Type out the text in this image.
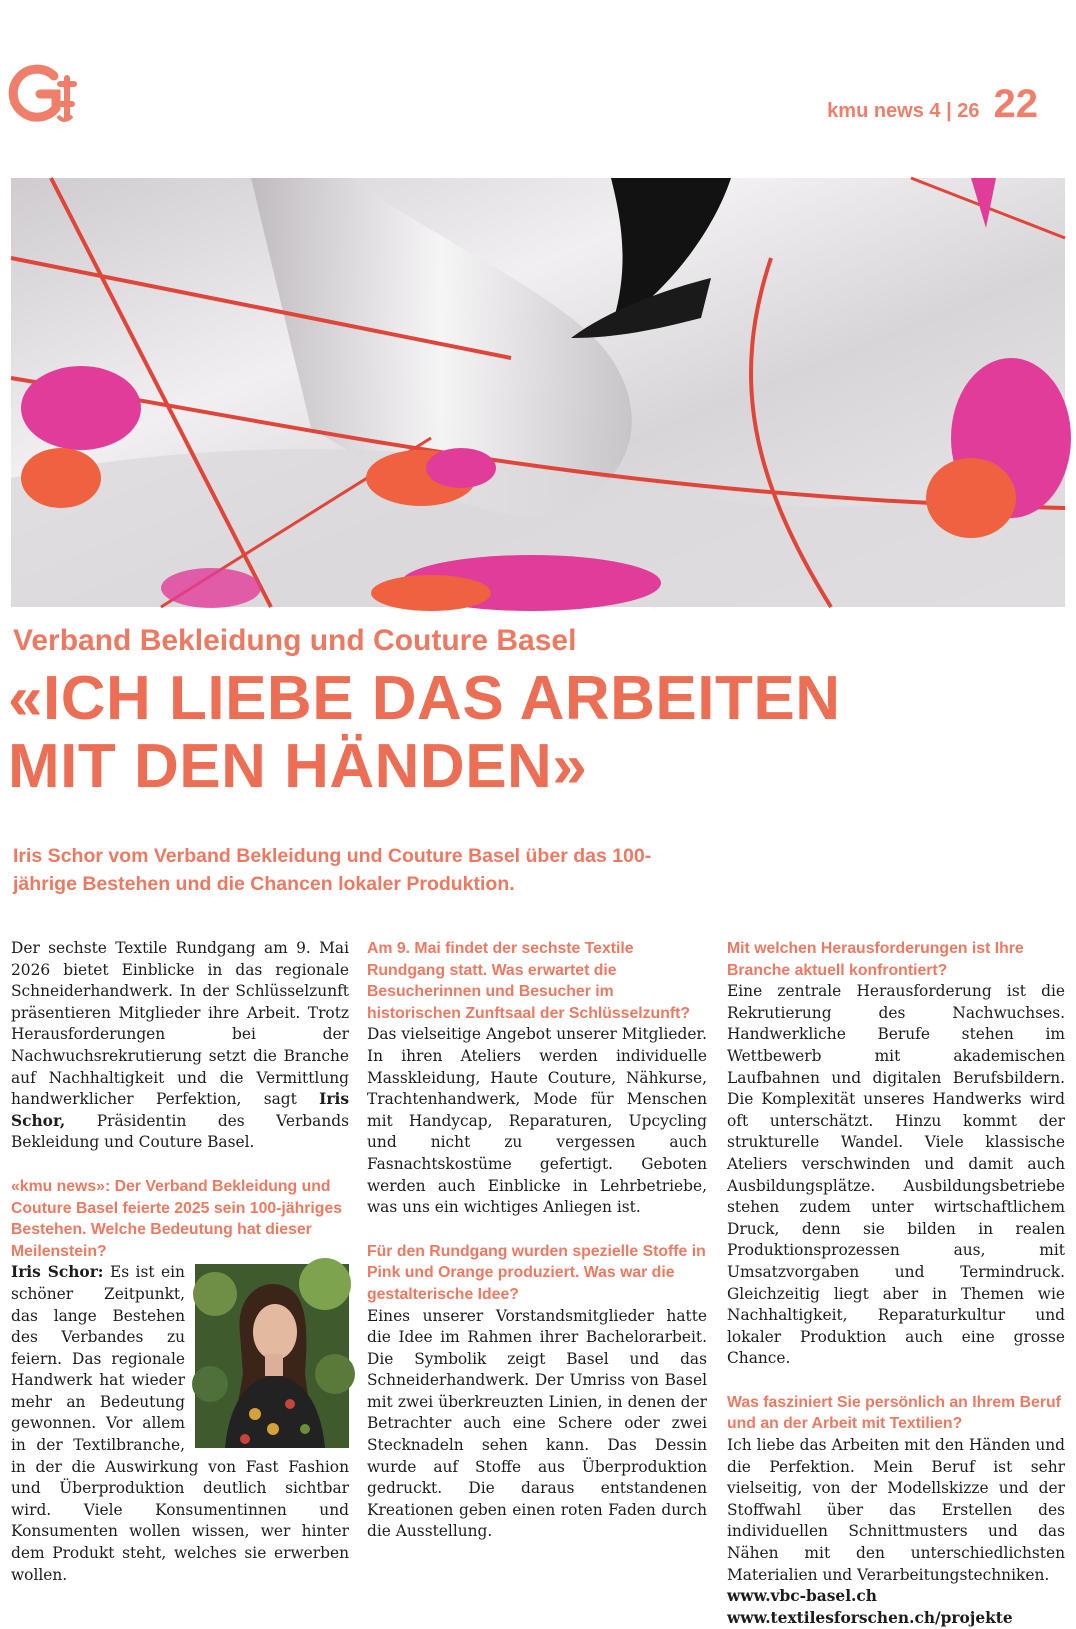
kmu news 4 | 26 22
Verband Bekleidung und Couture Basel
«ICH LIEBE DAS ARBEITEN
MIT DEN HÄNDEN»
Iris Schor vom Verband Bekleidung und Couture Basel über das 100-jährige Bestehen und die Chancen lokaler Produktion.

Der sechste Textile Rundgang am 9. Mai 2026 bietet Einblicke in das regionale Schneiderhandwerk. In der Schlüsselzunft präsentieren Mitglieder ihre Arbeit. Trotz Herausforderungen bei der Nachwuchsrekrutierung setzt die Branche auf Nachhaltigkeit und die Vermittlung handwerklicher Perfektion, sagt Iris Schor, Präsidentin des Verbands Bekleidung und Couture Basel.

«kmu news»: Der Verband Bekleidung und Couture Basel feierte 2025 sein 100-jähriges Bestehen. Welche Bedeutung hat dieser Meilenstein?

Iris Schor: Es ist ein schöner Zeitpunkt, das lange Bestehen des Verbandes zu feiern. Das regionale Handwerk hat wieder mehr an Bedeutung gewonnen. Vor allem in der Textilbranche, in der die Auswirkung von Fast Fashion und Überproduktion deutlich sichtbar wird. Viele Konsumentinnen und Konsumenten wollen wissen, wer hinter dem Produkt steht, welches sie erwerben wollen.

Am 9. Mai findet der sechste Textile Rundgang statt. Was erwartet die Besucherinnen und Besucher im historischen Zunftsaal der Schlüsselzunft?

Das vielseitige Angebot unserer Mitglieder. In ihren Ateliers werden individuelle Masskleidung, Haute Couture, Nähkurse, Trachtenhandwerk, Mode für Menschen mit Handycap, Reparaturen, Upcycling und nicht zu vergessen auch Fasnachtskostüme gefertigt. Geboten werden auch Einblicke in Lehrbetriebe, was uns ein wichtiges Anliegen ist.

Für den Rundgang wurden spezielle Stoffe in Pink und Orange produziert. Was war die gestalterische Idee?

Eines unserer Vorstandsmitglieder hatte die Idee im Rahmen ihrer Bachelorarbeit. Die Symbolik zeigt Basel und das Schneiderhandwerk. Der Umriss von Basel mit zwei überkreuzten Linien, in denen der Betrachter auch eine Schere oder zwei Stecknadeln sehen kann. Das Dessin wurde auf Stoffe aus Überproduktion gedruckt. Die daraus entstandenen Kreationen geben einen roten Faden durch die Ausstellung.

Mit welchen Herausforderungen ist Ihre Branche aktuell konfrontiert?

Eine zentrale Herausforderung ist die Rekrutierung des Nachwuchses. Handwerkliche Berufe stehen im Wettbewerb mit akademischen Laufbahnen und digitalen Berufsbildern. Die Komplexität unseres Handwerks wird oft unterschätzt. Hinzu kommt der strukturelle Wandel. Viele klassische Ateliers verschwinden und damit auch Ausbildungsplätze. Ausbildungsbetriebe stehen zudem unter wirtschaftlichem Druck, denn sie bilden in realen Produktionsprozessen aus, mit Umsatzvorgaben und Termindruck. Gleichzeitig liegt aber in Themen wie Nachhaltigkeit, Reparaturkultur und lokaler Produktion auch eine grosse Chance.

Was fasziniert Sie persönlich an Ihrem Beruf und an der Arbeit mit Textilien?

Ich liebe das Arbeiten mit den Händen und die Perfektion. Mein Beruf ist sehr vielseitig, von der Modellskizze und der Stoffwahl über das Erstellen des individuellen Schnittmusters und das Nähen mit den unterschiedlichsten Materialien und Verarbeitungstechniken.

www.vbc-basel.ch

www.textilesforschen.ch/projekte
